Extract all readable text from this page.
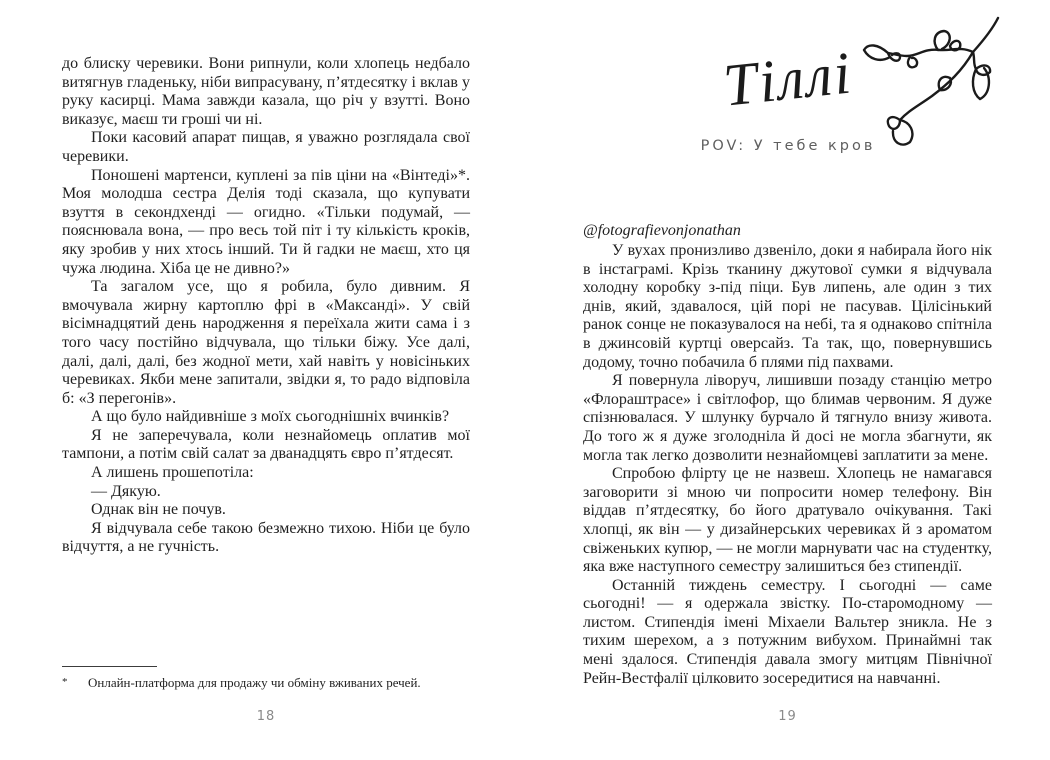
до блиску черевики. Вони рипнули, коли хлопець недбало витягнув гладеньку, ніби випрасувану, п’ятдесятку і вклав у руку касирці. Мама завжди казала, що річ у взутті. Воно виказує, маєш ти гроші чи ні.

Поки касовий апарат пищав, я уважно розглядала свої черевики.

Поношені мартенси, куплені за пів ціни на «Вінтеді»*. Моя молодша сестра Делія тоді сказала, що купувати взуття в секондхенді — огидно. «Тільки подумай, — пояснювала вона, — про весь той піт і ту кількість кроків, яку зробив у них хтось інший. Ти й гадки не маєш, хто ця чужа людина. Хіба це не дивно?»

Та загалом усе, що я робила, було дивним. Я вмочувала жирну картоплю фрі в «Максанді». У свій вісімнадцятий день народження я переїхала жити сама і з того часу постійно відчувала, що тільки біжу. Усе далі, далі, далі, далі, без жодної мети, хай навіть у новісіньких черевиках. Якби мене запитали, звідки я, то радо відповіла б: «З перегонів».

А що було найдивніше з моїх сьогоднішніх вчинків?

Я не заперечувала, коли незнайомець оплатив мої тампони, а потім свій салат за дванадцять євро п’ятдесят.

А лишень прошепотіла:

— Дякую.

Однак він не почув.

Я відчувала себе такою безмежно тихою. Ніби це було відчуття, а не гучність.

*	Онлайн-платформа для продажу чи обміну вживаних речей.
18
Тіллі
POV: У тебе кров

@fotografievonjonathan

У вухах пронизливо дзвеніло, доки я набирала його нік в інстаграмі. Крізь тканину джутової сумки я відчувала холодну коробку з-під піци. Був липень, але один з тих днів, який, здавалося, цій порі не пасував. Цілісінький ранок сонце не показувалося на небі, та я однаково спітніла в джинсовій куртці оверсайз. Та так, що, повернувшись додому, точно побачила б плями під пахвами.

Я повернула ліворуч, лишивши позаду станцію метро «Флораштрасе» і світлофор, що блимав червоним. Я дуже спізнювалася. У шлунку бурчало й тягнуло внизу живота. До того ж я дуже зголодніла й досі не могла збагнути, як могла так легко дозволити незнайомцеві заплатити за мене.

Спробою флірту це не назвеш. Хлопець не намагався заговорити зі мною чи попросити номер телефону. Він віддав п’ятдесятку, бо його дратувало очікування. Такі хлопці, як він — у дизайнерських черевиках й з ароматом свіженьких купюр, — не могли марнувати час на студентку, яка вже наступного семестру залишиться без стипендії.

Останній тиждень семестру. І сьогодні — саме сьогодні! — я одержала звістку. По-старомодному — листом. Стипендія імені Міхаели Вальтер зникла. Не з тихим шерехом, а з потужним вибухом. Принаймні так мені здалося. Стипендія давала змогу митцям Північної Рейн-Вестфалії цілковито зосередитися на навчанні.

19
